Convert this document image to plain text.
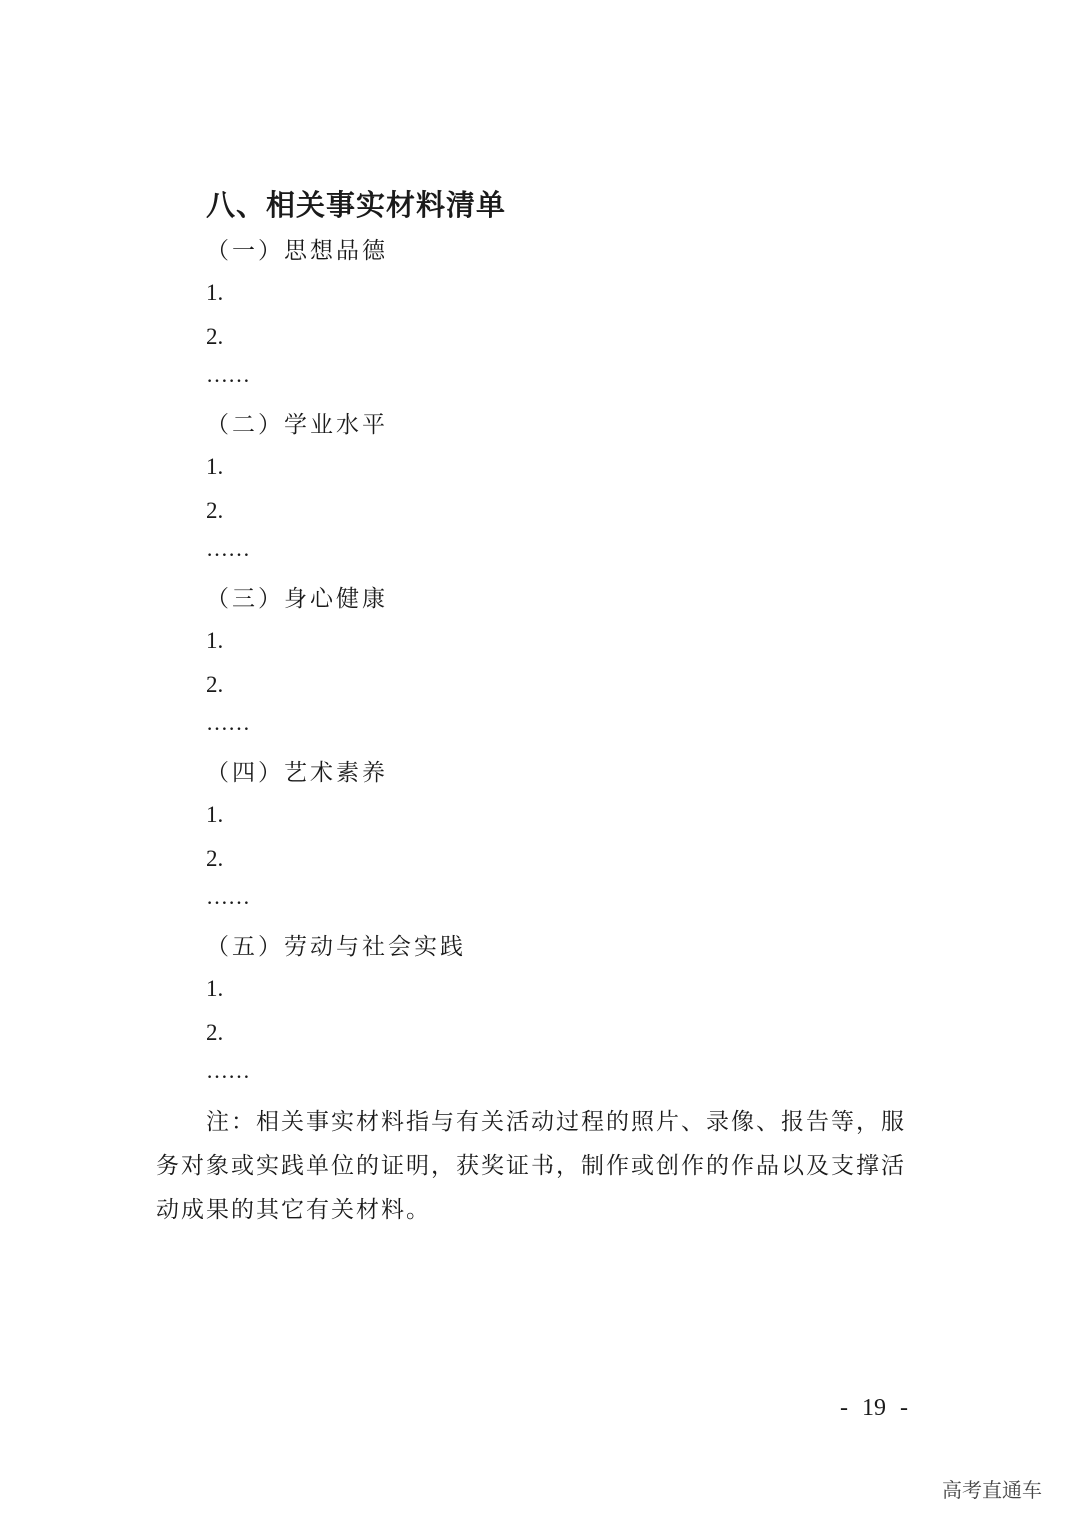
八、相关事实材料清单
（一）思想品德
1.
2.
……
（二）学业水平
1.
2.
……
（三）身心健康
1.
2.
……
（四）艺术素养
1.
2.
……
（五）劳动与社会实践
1.
2.
……
注：相关事实材料指与有关活动过程的照片、录像、报告等，服务对象或实践单位的证明，获奖证书，制作或创作的作品以及支撑活动成果的其它有关材料。
- 19 -
高考直通车
